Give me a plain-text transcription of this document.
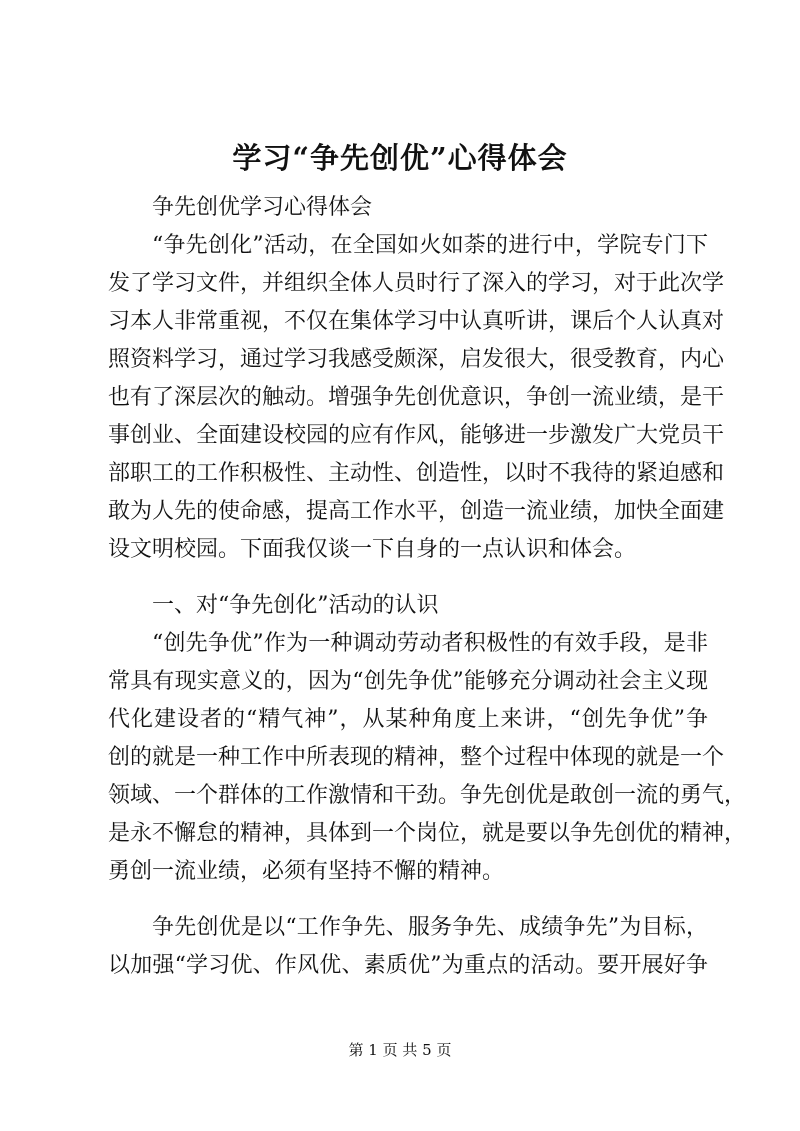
学习“争先创优”心得体会
争先创优学习心得体会
“争先创化”活动，在全国如火如荼的进行中，学院专门下
发了学习文件，并组织全体人员时行了深入的学习，对于此次学
习本人非常重视，不仅在集体学习中认真听讲，课后个人认真对
照资料学习，通过学习我感受颇深，启发很大，很受教育，内心
也有了深层次的触动。增强争先创优意识，争创一流业绩，是干
事创业、全面建设校园的应有作风，能够进一步激发广大党员干
部职工的工作积极性、主动性、创造性，以时不我待的紧迫感和
敢为人先的使命感，提高工作水平，创造一流业绩，加快全面建
设文明校园。下面我仅谈一下自身的一点认识和体会。
一、对“争先创化”活动的认识
“创先争优”作为一种调动劳动者积极性的有效手段，是非
常具有现实意义的，因为“创先争优”能够充分调动社会主义现
代化建设者的“精气神”，从某种角度上来讲，“创先争优”争
创的就是一种工作中所表现的精神，整个过程中体现的就是一个
领域、一个群体的工作激情和干劲。争先创优是敢创一流的勇气，
是永不懈怠的精神，具体到一个岗位，就是要以争先创优的精神，
勇创一流业绩，必须有坚持不懈的精神。
争先创优是以“工作争先、服务争先、成绩争先”为目标，
以加强“学习优、作风优、素质优”为重点的活动。要开展好争
第 1 页 共 5 页
